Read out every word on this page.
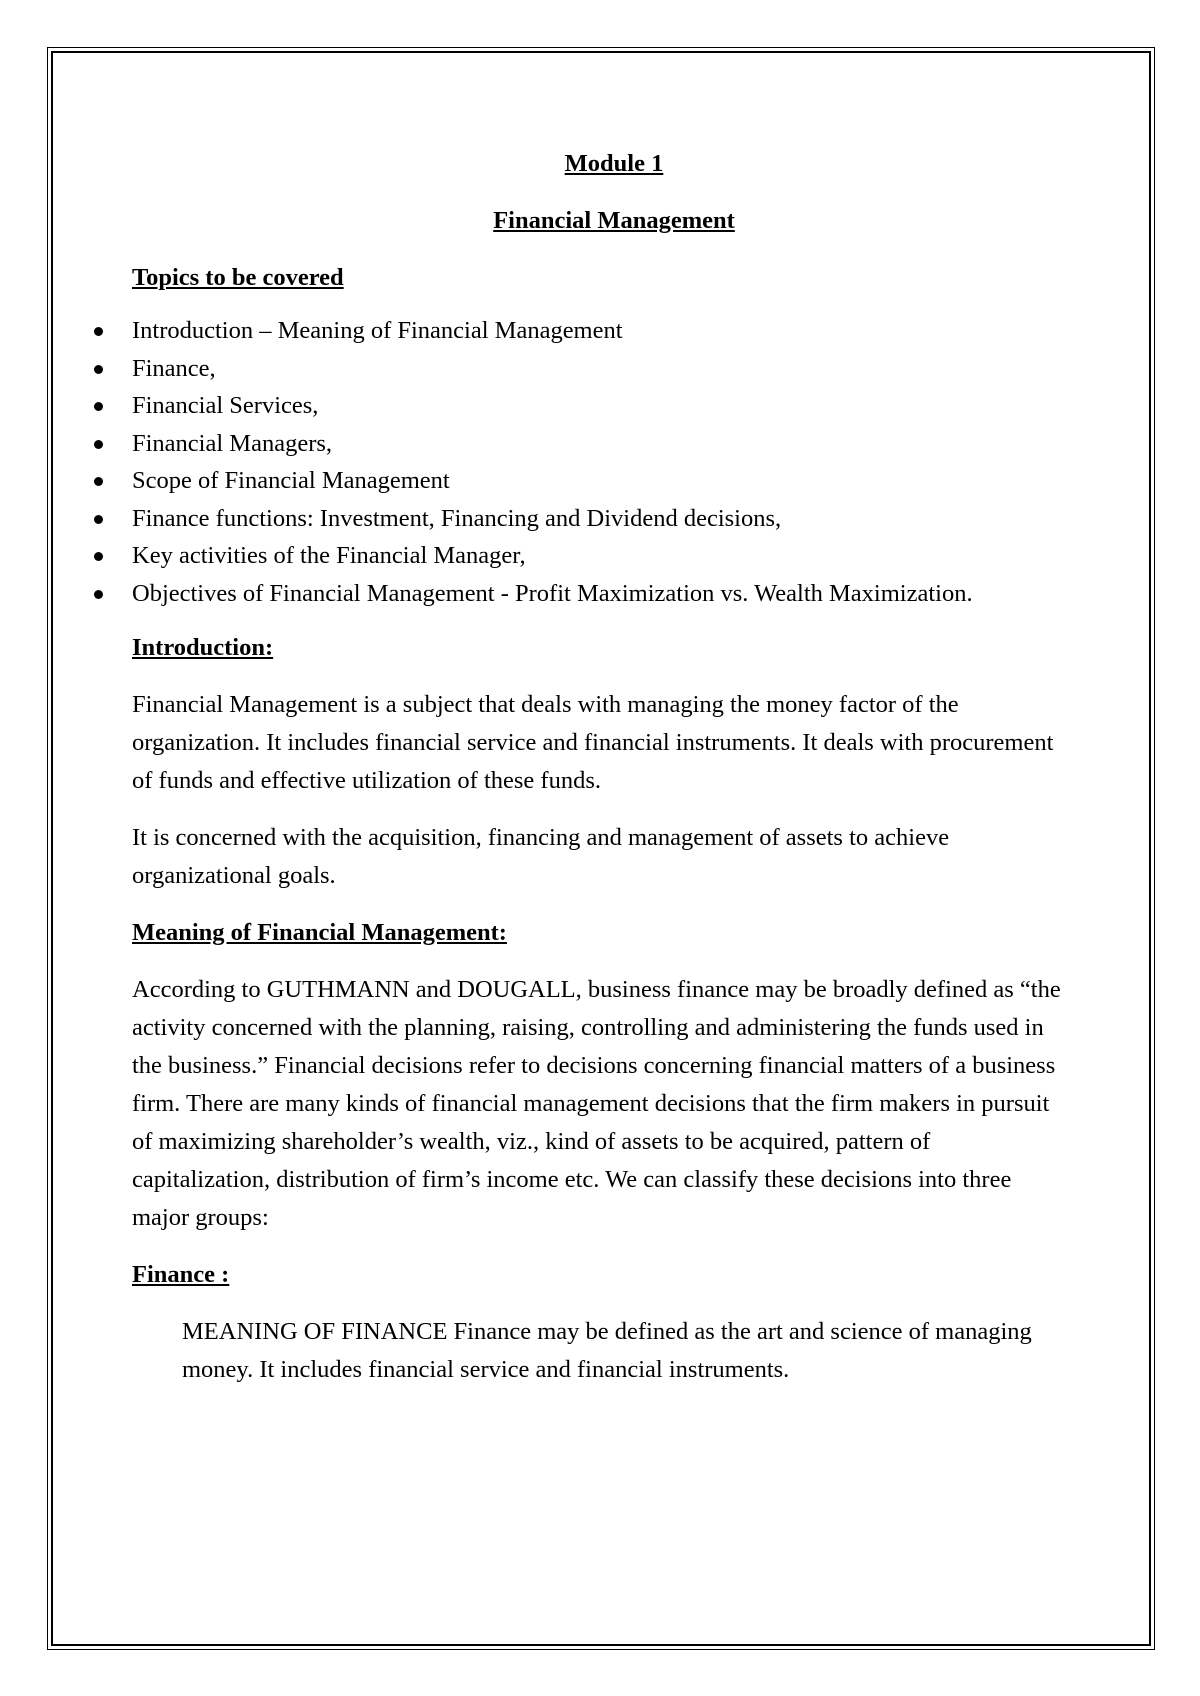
Module 1
Financial Management
Topics to be covered
Introduction – Meaning of Financial Management
Finance,
Financial Services,
Financial Managers,
Scope of Financial Management
Finance functions: Investment, Financing and Dividend decisions,
Key activities of the Financial Manager,
Objectives of Financial Management - Profit Maximization vs. Wealth Maximization.

Introduction:

Financial Management is a subject that deals with managing the money factor of the organization. It includes financial service and financial instruments. It deals with procurement of funds and effective utilization of these funds.

It is concerned with the acquisition, financing and management of assets to achieve organizational goals.

Meaning of Financial Management:

According to GUTHMANN and DOUGALL, business finance may be broadly defined as “the activity concerned with the planning, raising, controlling and administering the funds used in the business.” Financial decisions refer to decisions concerning financial matters of a business firm. There are many kinds of financial management decisions that the firm makers in pursuit of maximizing shareholder’s wealth, viz., kind of assets to be acquired, pattern of capitalization, distribution of firm’s income etc. We can classify these decisions into three major groups:

Finance :

MEANING OF FINANCE Finance may be defined as the art and science of managing money. It includes financial service and financial instruments.
